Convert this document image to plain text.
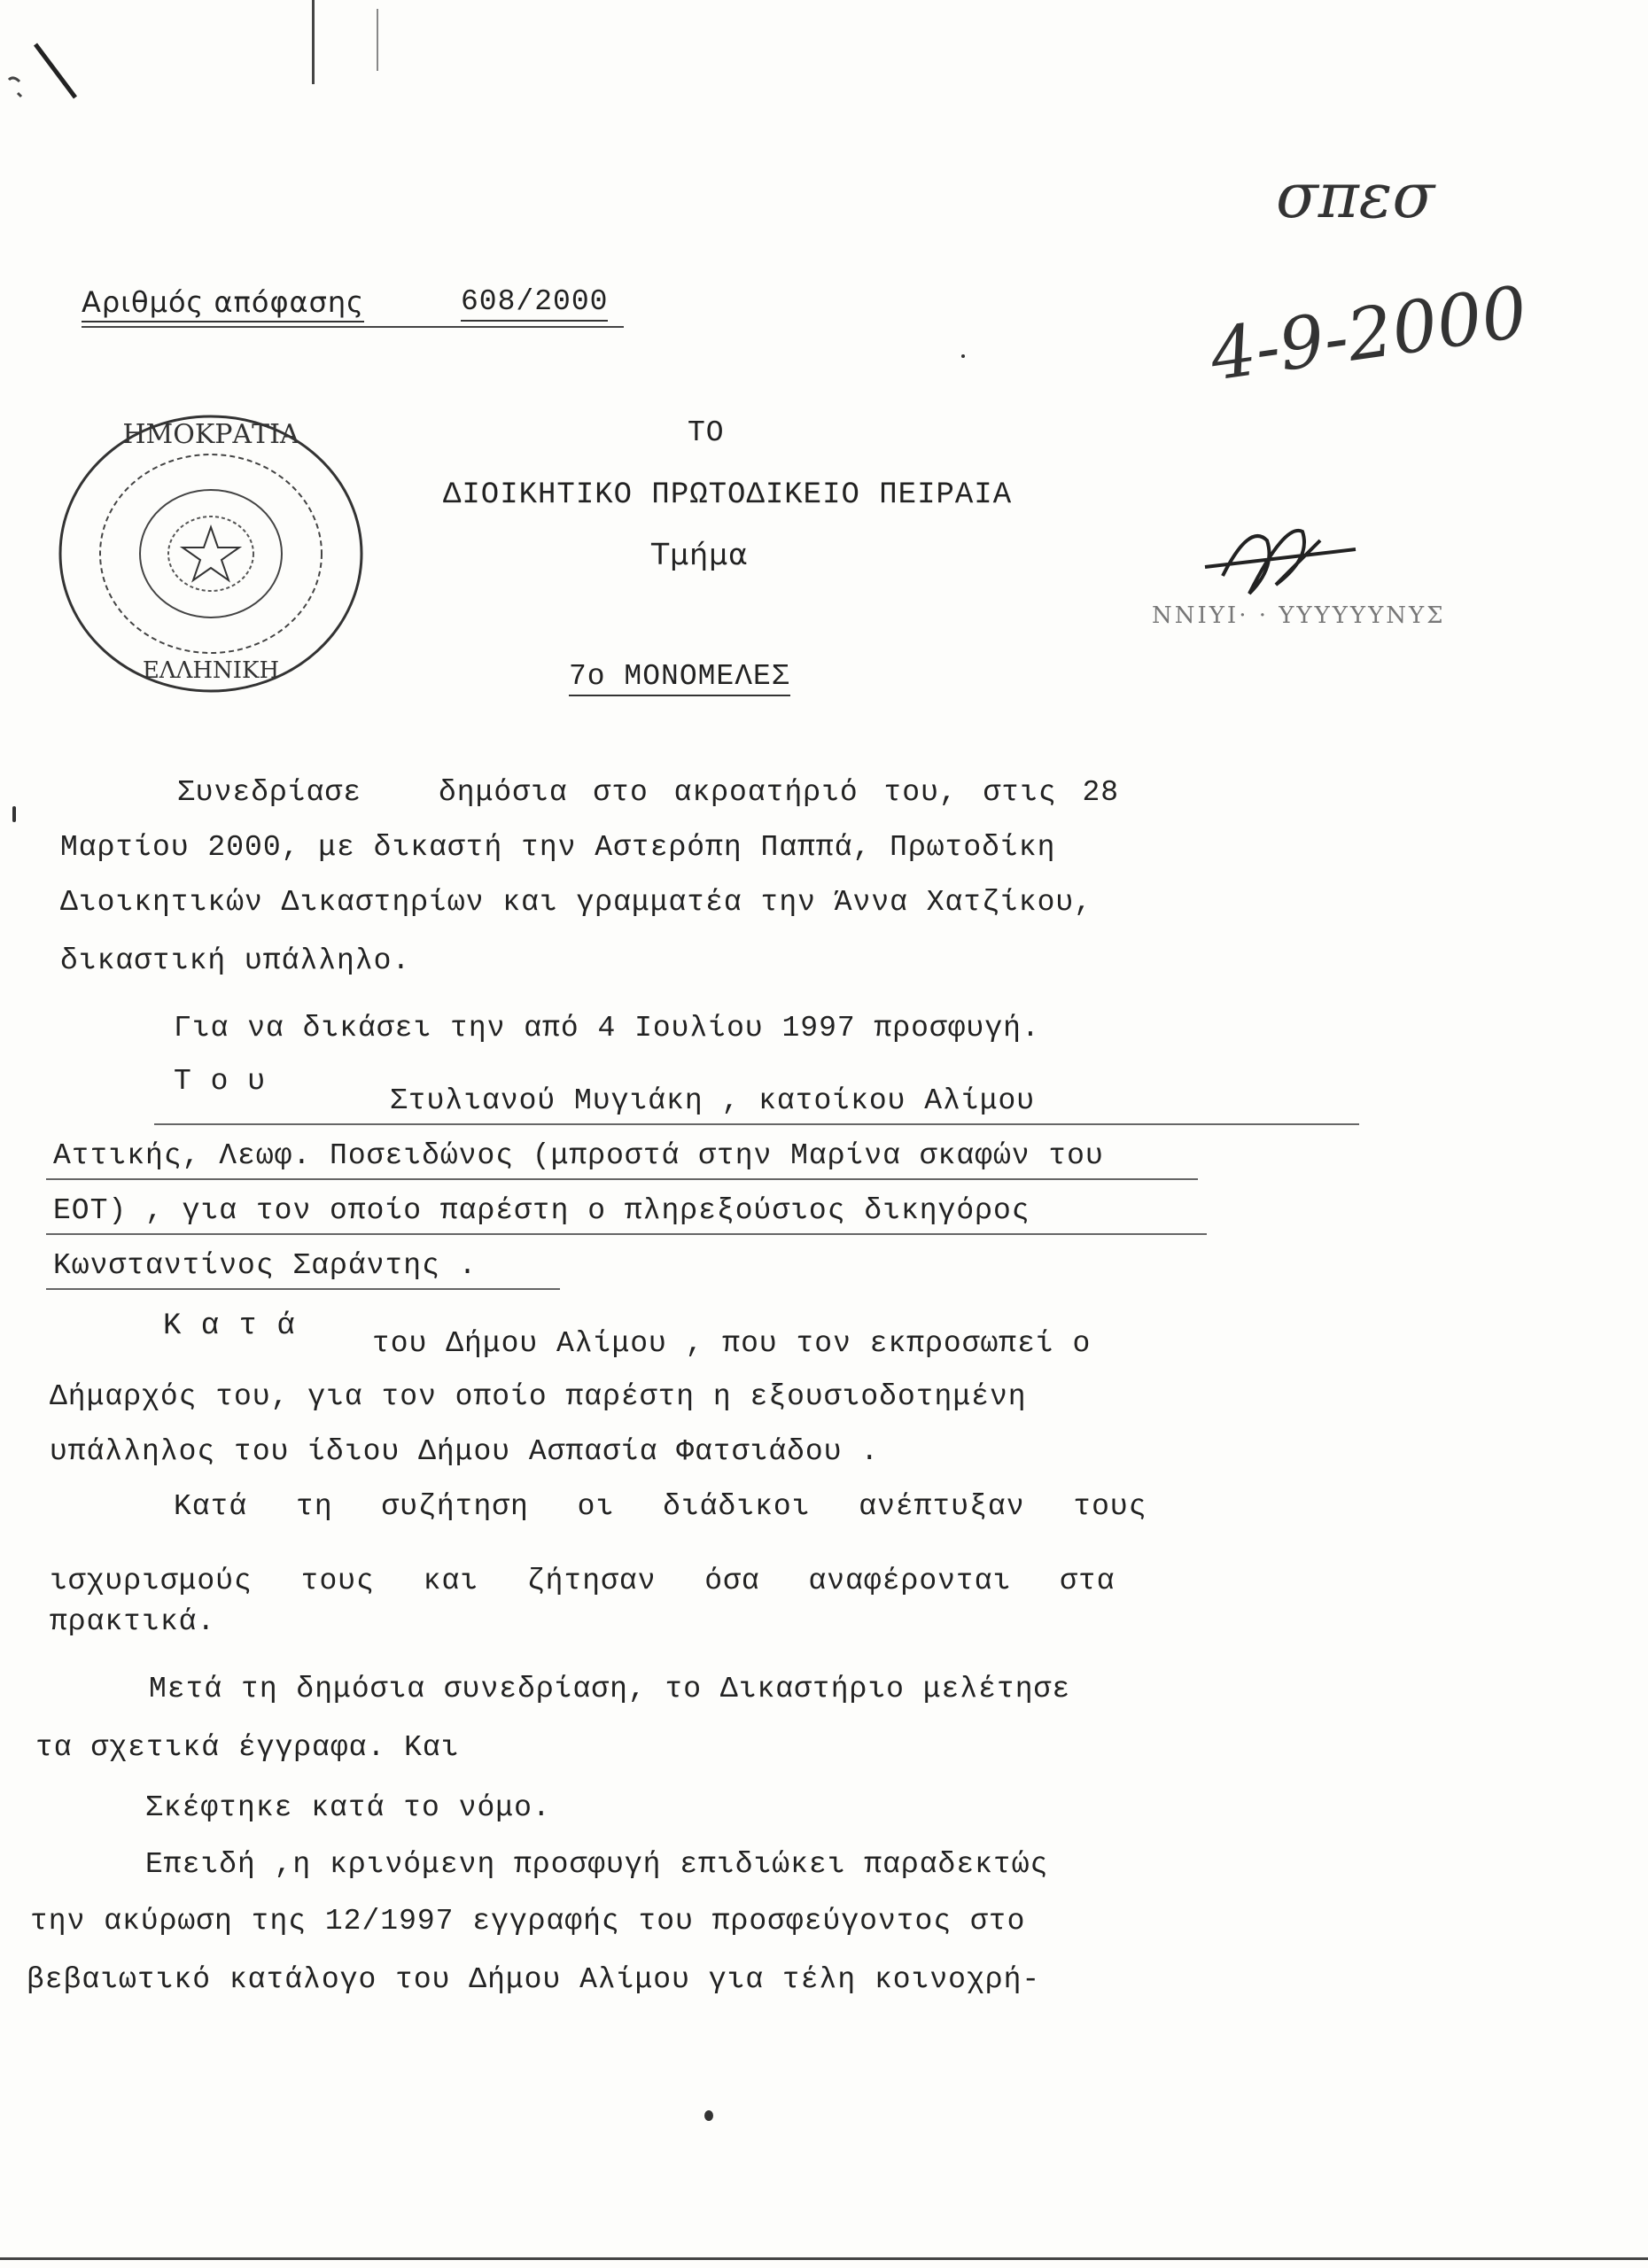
σπεσ
4-9-2000
Αριθμός απόφασης	608/2000
ΗΜΟΚΡΑΤΙΑ
ΕΛΛΗΝΙΚΗ
ΤΟ
ΔΙΟΙΚΗΤΙΚΟ ΠΡΩΤΟΔΙΚΕΙΟ ΠΕΙΡΑΙΑ
Τμήμα
7ο ΜΟΝΟΜΕΛΕΣ
ΝΝΙΥΙ· · ΥΥΥΥΥΥΝΥΣ
Συνεδρίασε	δημόσια στο ακροατήριό του, στις 28
Μαρτίου 2000, με δικαστή την Αστερόπη Παππά, Πρωτοδίκη
Διοικητικών Δικαστηρίων και γραμματέα την Άννα Χατζίκου,
δικαστική υπάλληλο.
Για να δικάσει την από 4 Ιουλίου 1997 προσφυγή.
Τ ο υ
Στυλιανού Μυγιάκη , κατοίκου Αλίμου
Αττικής, Λεωφ. Ποσειδώνος (μπροστά στην Μαρίνα σκαφών του
ΕΟΤ) , για τον οποίο παρέστη ο πληρεξούσιος δικηγόρος
Κωνσταντίνος Σαράντης .
Κ α τ ά
του Δήμου Αλίμου , που τον εκπροσωπεί ο
Δήμαρχός του, για τον οποίο παρέστη η εξουσιοδοτημένη
υπάλληλος του ίδιου Δήμου Ασπασία Φατσιάδου .
Κατά τη συζήτηση οι διάδικοι ανέπτυξαν τους
ισχυρισμούς τους και ζήτησαν όσα αναφέρονται στα
πρακτικά.
Μετά τη δημόσια συνεδρίαση, το Δικαστήριο μελέτησε
τα σχετικά έγγραφα. Και
Σκέφτηκε κατά το νόμο.
Επειδή ,η κρινόμενη προσφυγή επιδιώκει παραδεκτώς
την ακύρωση της 12/1997 εγγραφής του προσφεύγοντος στο
βεβαιωτικό κατάλογο του Δήμου Αλίμου για τέλη κοινοχρή-
